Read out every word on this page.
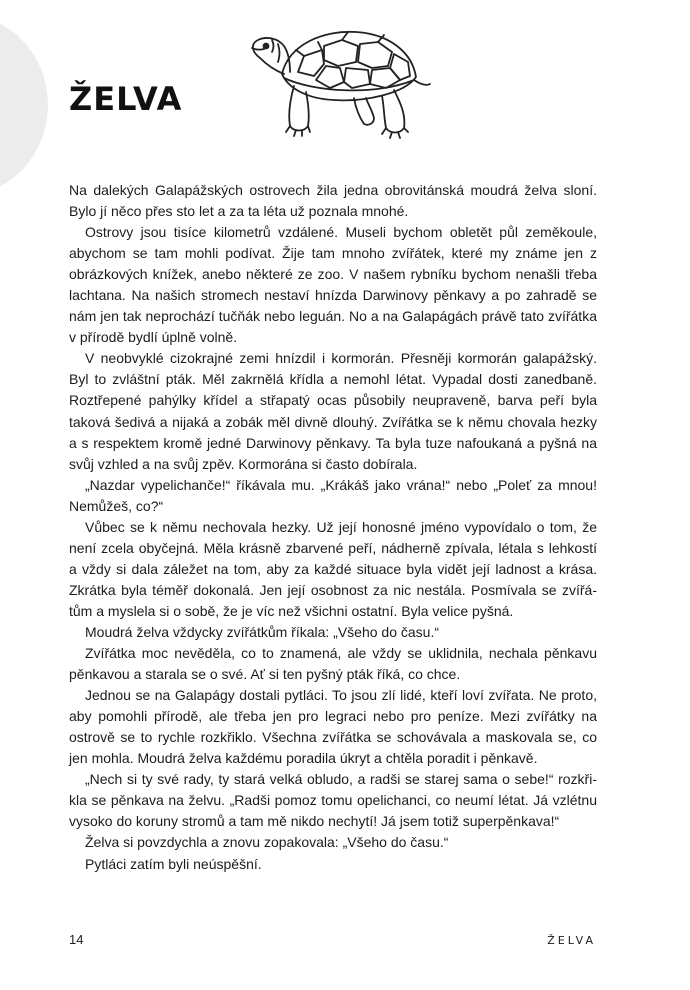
ŽELVA

Na dalekých Galapážských ostrovech žila jedna obrovitánská moudrá želva sloní. Bylo jí něco přes sto let a za ta léta už poznala mnohé.

Ostrovy jsou tisíce kilometrů vzdálené. Museli bychom obletět půl zeměkoule, abychom se tam mohli podívat. Žije tam mnoho zvířátek, které my známe jen z obrázkových knížek, anebo některé ze zoo. V našem rybníku bychom nenašli třeba lachtana. Na našich stromech nestaví hnízda Darwinovy pěnkavy a po zahradě se nám jen tak neprochází tučňák nebo leguán. No a na Galapágách právě tato zvířátka v přírodě bydlí úplně volně.

V neobvyklé cizokrajné zemi hnízdil i kormorán. Přesněji kormorán galapážský. Byl to zvláštní pták. Měl zakrnělá křídla a nemohl létat. Vypadal dosti zanedbaně. Roztřepené pahýlky křídel a střapatý ocas působily neupraveně, barva peří byla taková šedivá a nijaká a zobák měl divně dlouhý. Zvířátka se k němu chovala hezky a s respektem kromě jedné Darwinovy pěnkavy. Ta byla tuze nafoukaná a pyšná na svůj vzhled a na svůj zpěv. Kormorána si často dobírala.

„Nazdar vypelichanče!“ říkávala mu. „Krákáš jako vrána!“ nebo „Poleť za mnou! Nemůžeš, co?“

Vůbec se k němu nechovala hezky. Už její honosné jméno vypovídalo o tom, že není zcela obyčejná. Měla krásně zbarvené peří, nádherně zpívala, létala s lehkostí a vždy si dala záležet na tom, aby za každé situace byla vidět její ladnost a krása. Zkrátka byla téměř dokonalá. Jen její osobnost za nic nestála. Posmívala se zvířátům a myslela si o sobě, že je víc než všichni ostatní. Byla velice pyšná.

Moudrá želva vždycky zvířátkům říkala: „Všeho do času.“

Zvířátka moc nevěděla, co to znamená, ale vždy se uklidnila, nechala pěnkavu pěnkavou a starala se o své. Ať si ten pyšný pták říká, co chce.

Jednou se na Galapágy dostali pytláci. To jsou zlí lidé, kteří loví zvířata. Ne proto, aby pomohli přírodě, ale třeba jen pro legraci nebo pro peníze. Mezi zvířátky na ostrově se to rychle rozkřiklo. Všechna zvířátka se schovávala a maskovala se, co jen mohla. Moudrá želva každému poradila úkryt a chtěla poradit i pěnkavě.

„Nech si ty své rady, ty stará velká obludo, a radši se starej sama o sebe!“ rozkřikla se pěnkava na želvu. „Radši pomoz tomu opelichanci, co neumí létat. Já vzlétnu vysoko do koruny stromů a tam mě nikdo nechytí! Já jsem totiž superpěnkava!“

Želva si povzdychla a znovu zopakovala: „Všeho do času.“

Pytláci zatím byli neúspěšní.

14	ŽELVA
